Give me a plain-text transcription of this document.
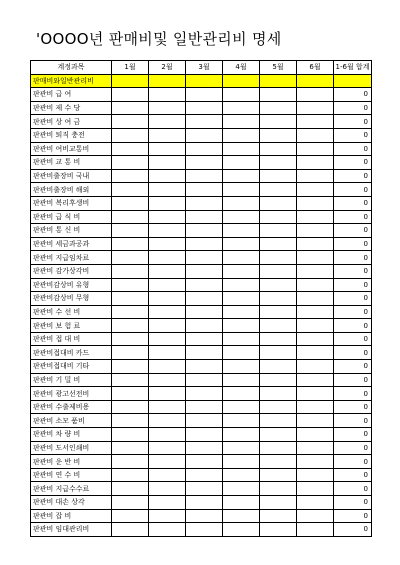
'OOOO년 판매비및 일반관리비 명세
계정과목	1월	2월	3월	4월	5월	6월	1-6월 합계
판매비와일반관리비							
판관비 급 여							0
판관비 제 수 당							0
판관비 상 여 금							0
판관비 퇴직 충전							0
판관비 여비교통비							0
판관비 교 통 비							0
판관비출장비 국내							0
판관비출장비 해외							0
판관비 복리후생비							0
판관비 급 식 비							0
판관비 통 신 비							0
판관비 세금과공과							0
판관비 지급임차료							0
판관비 감가상각비							0
판관비감상비 유형							0
판관비감상비 무형							0
판관비 수 선 비							0
판관비 보 험 료							0
판관비 접 대 비							0
판관비접대비 카드							0
판관비접대비 기타							0
판관비 기 밀 비							0
판관비 광고선전비							0
판관비 수출제비용							0
판관비 소모 품비							0
판관비 차 량 비							0
판관비 도서인쇄비							0
판관비 운 반 비							0
판관비 연 수 비							0
판관비 지급수수료							0
판관비 대손 상각							0
판관비 잡 비							0
판관비 임대관리비							0
